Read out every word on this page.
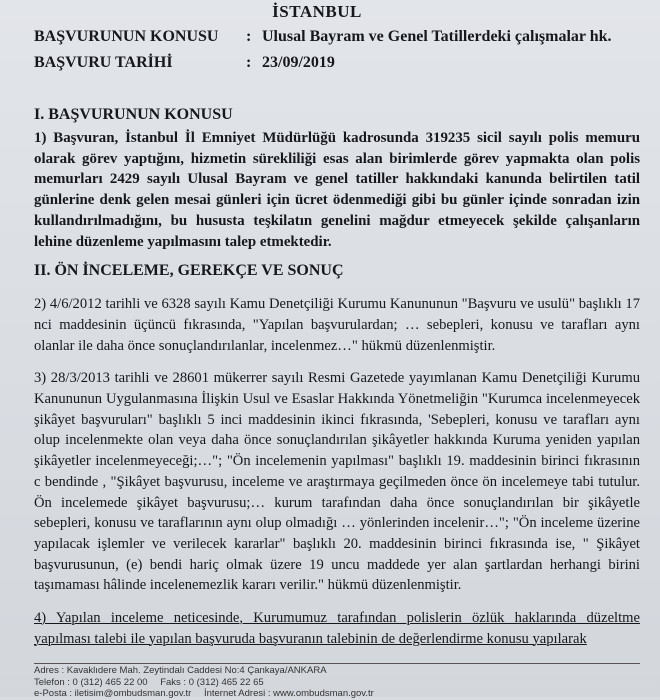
İSTANBUL
BAŞVURUNUN KONUSU	: Ulusal Bayram ve Genel Tatillerdeki çalışmalar hk.
BAŞVURU TARİHİ	: 23/09/2019
I. BAŞVURUNUN KONUSU

1) Başvuran, İstanbul İl Emniyet Müdürlüğü kadrosunda 319235 sicil sayılı polis memuru olarak görev yaptığını, hizmetin sürekliliği esas alan birimlerde görev yapmakta olan polis memurları 2429 sayılı Ulusal Bayram ve genel tatiller hakkındaki kanunda belirtilen tatil günlerine denk gelen mesai günleri için ücret ödenmediği gibi bu günler içinde sonradan izin kullandırılmadığını, bu hususta teşkilatın genelini mağdur etmeyecek şekilde çalışanların lehine düzenleme yapılmasını talep etmektedir.

II. ÖN İNCELEME, GEREKÇE VE SONUÇ

2) 4/6/2012 tarihli ve 6328 sayılı Kamu Denetçiliği Kurumu Kanununun "Başvuru ve usulü" başlıklı 17 nci maddesinin üçüncü fıkrasında, "Yapılan başvurulardan; … sebepleri, konusu ve tarafları aynı olanlar ile daha önce sonuçlandırılanlar, incelenmez…" hükmü düzenlenmiştir.

3) 28/3/2013 tarihli ve 28601 mükerrer sayılı Resmi Gazetede yayımlanan Kamu Denetçiliği Kurumu Kanununun Uygulanmasına İlişkin Usul ve Esaslar Hakkında Yönetmeliğin "Kurumca incelenmeyecek şikâyet başvuruları" başlıklı 5 inci maddesinin ikinci fıkrasında, 'Sebepleri, konusu ve tarafları aynı olup incelenmekte olan veya daha önce sonuçlandırılan şikâyetler hakkında Kuruma yeniden yapılan şikâyetler incelenmeyeceği;…"; "Ön incelemenin yapılması" başlıklı 19. maddesinin birinci fıkrasının c bendinde , "Şikâyet başvurusu, inceleme ve araştırmaya geçilmeden önce ön incelemeye tabi tutulur. Ön incelemede şikâyet başvurusu;… kurum tarafından daha önce sonuçlandırılan bir şikâyetle sebepleri, konusu ve taraflarının aynı olup olmadığı … yönlerinden incelenir…"; "Ön inceleme üzerine yapılacak işlemler ve verilecek kararlar" başlıklı 20. maddesinin birinci fıkrasında ise, " Şikâyet başvurusunun, (e) bendi hariç olmak üzere 19 uncu maddede yer alan şartlardan herhangi birini taşımaması hâlinde incelenemezlik kararı verilir." hükmü düzenlenmiştir.

4) Yapılan inceleme neticesinde, Kurumumuz tarafından polislerin özlük haklarında düzeltme yapılması talebi ile yapılan başvuruda başvuranın talebinin de değerlendirme konusu yapılarak

Adres : Kavaklıdere Mah. Zeytindalı Caddesi No:4 Çankaya/ANKARA
Telefon : 0 (312) 465 22 00 Faks : 0 (312) 465 22 65
e-Posta : iletisim@ombudsman.gov.tr İnternet Adresi : www.ombudsman.gov.tr
